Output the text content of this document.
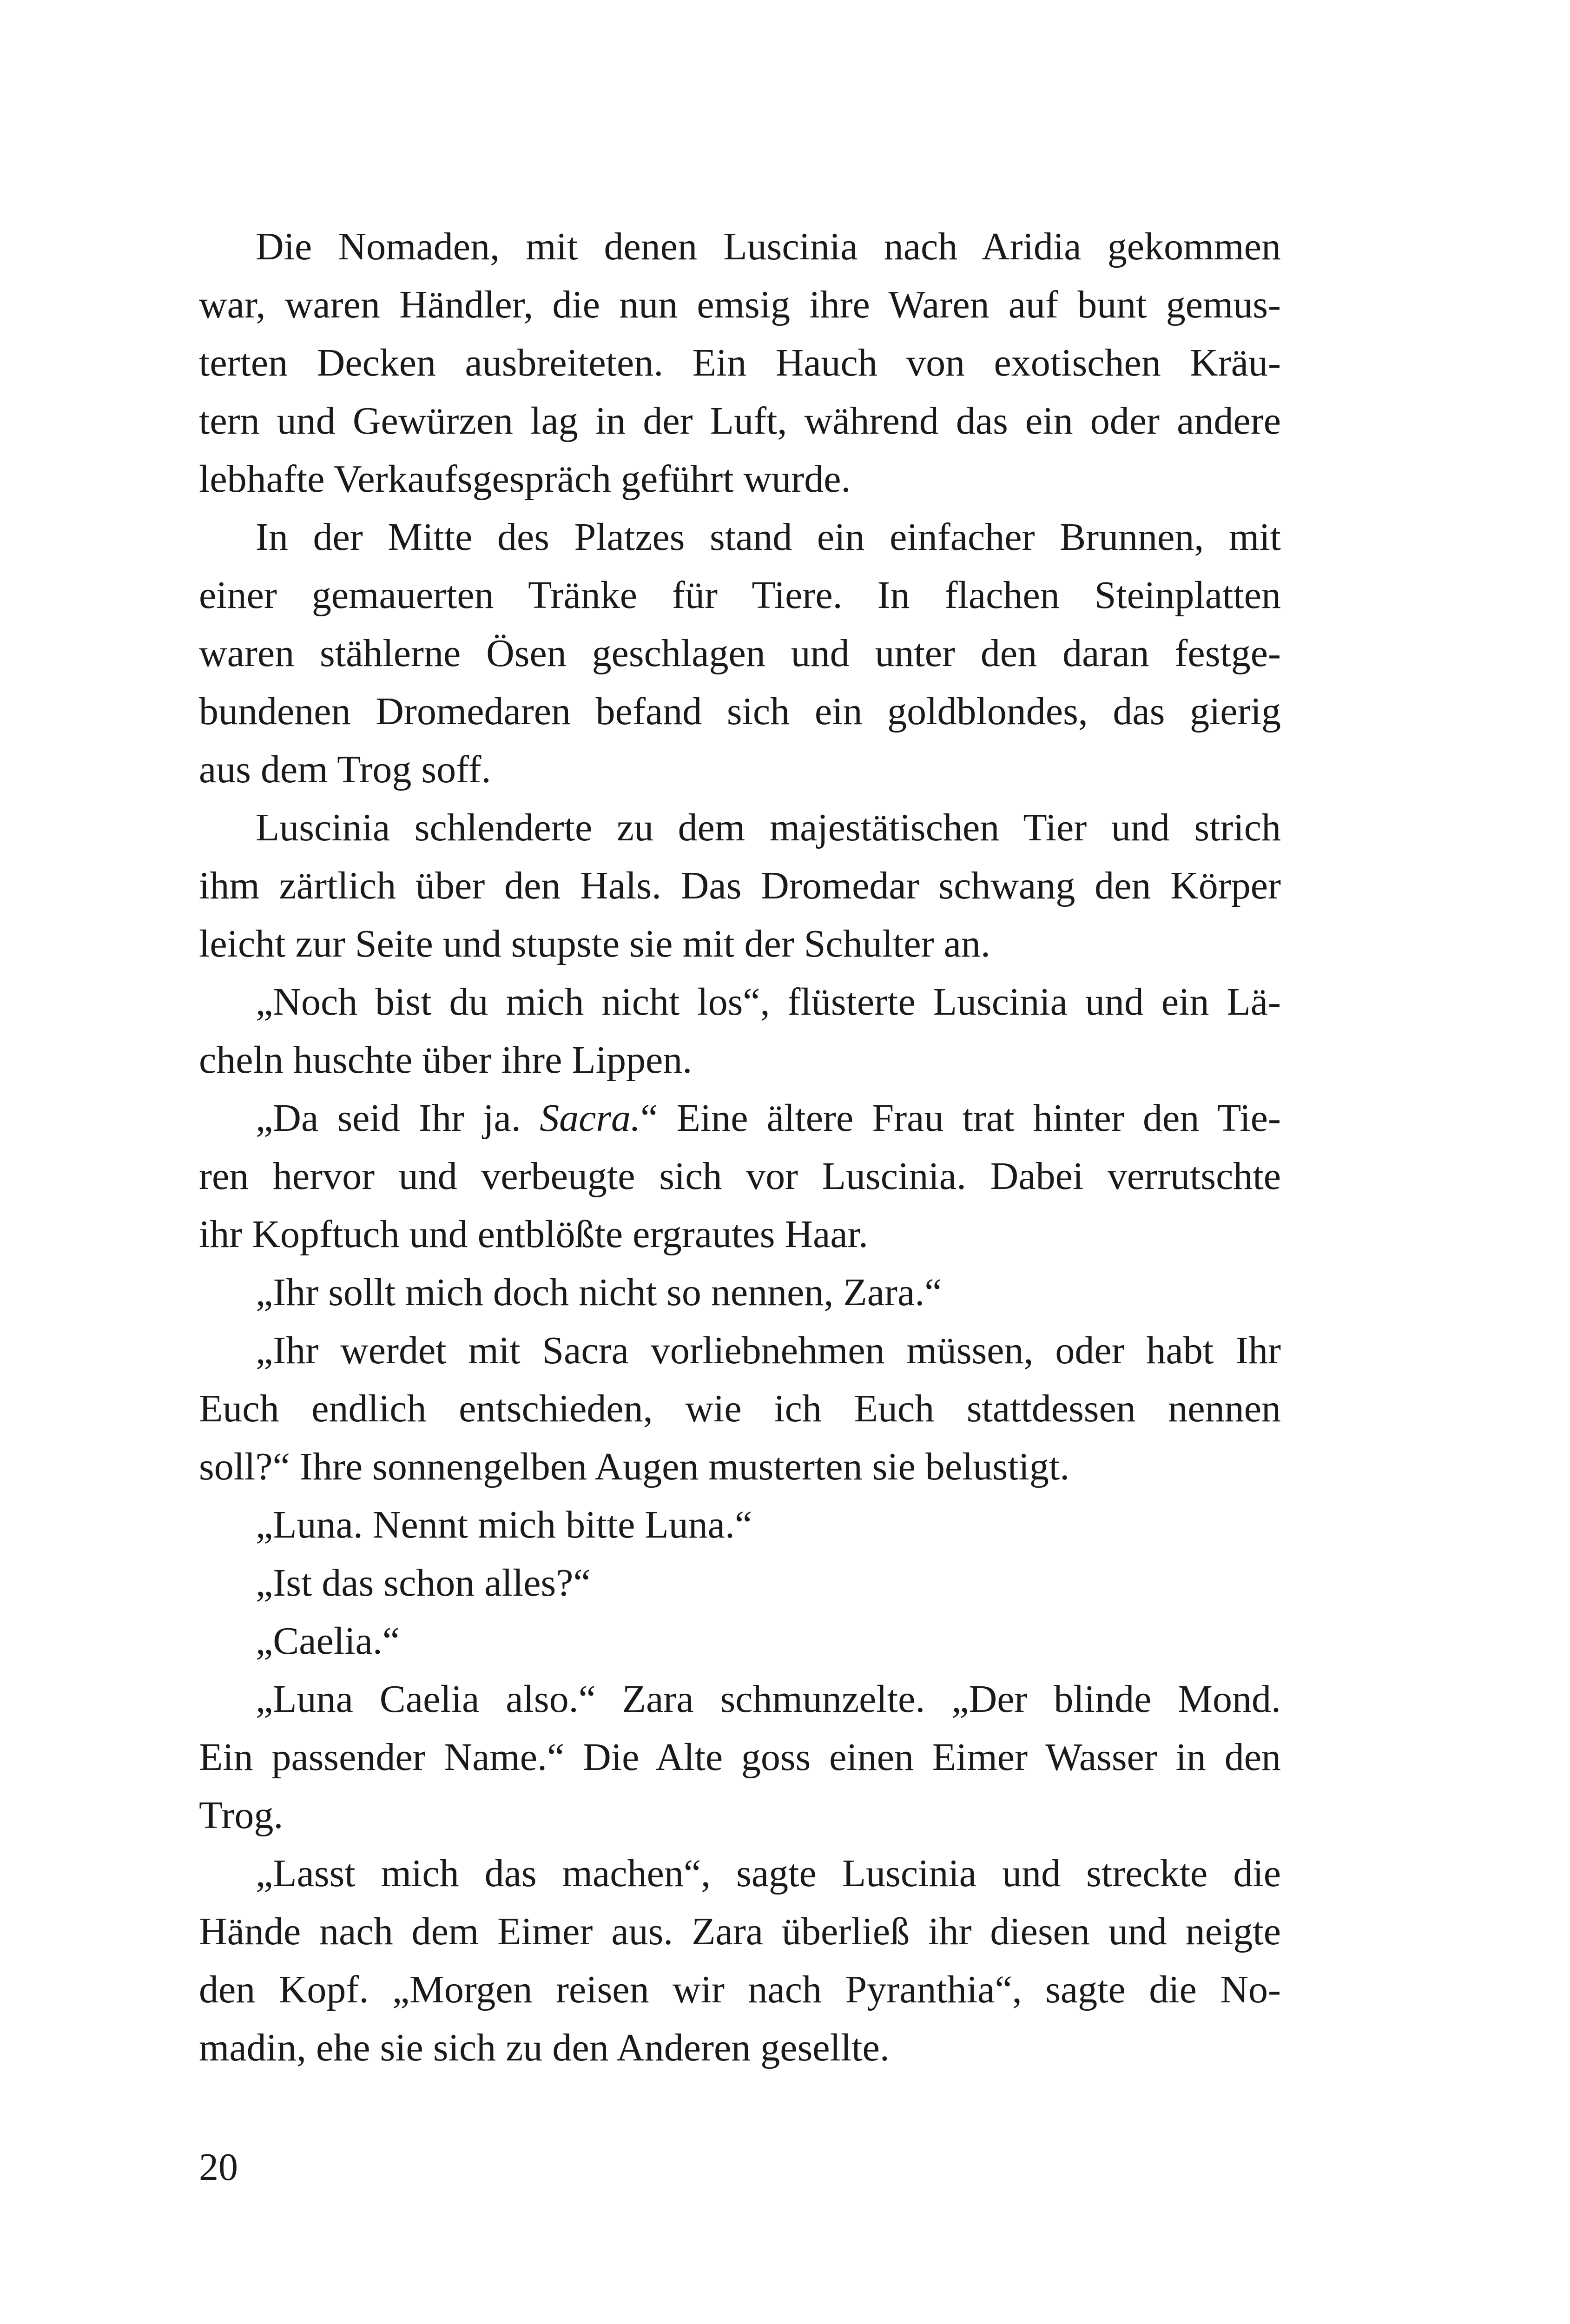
Die Nomaden, mit denen Luscinia nach Aridia gekommen
war, waren Händler, die nun emsig ihre Waren auf bunt gemus-
terten Decken ausbreiteten. Ein Hauch von exotischen Kräu-
tern und Gewürzen lag in der Luft, während das ein oder andere
lebhafte Verkaufsgespräch geführt wurde.
In der Mitte des Platzes stand ein einfacher Brunnen, mit
einer gemauerten Tränke für Tiere. In flachen Steinplatten
waren stählerne Ösen geschlagen und unter den daran festge-
bundenen Dromedaren befand sich ein goldblondes, das gierig
aus dem Trog soff.
Luscinia schlenderte zu dem majestätischen Tier und strich
ihm zärtlich über den Hals. Das Dromedar schwang den Körper
leicht zur Seite und stupste sie mit der Schulter an.
„Noch bist du mich nicht los“, flüsterte Luscinia und ein Lä-
cheln huschte über ihre Lippen.
„Da seid Ihr ja. Sacra.“ Eine ältere Frau trat hinter den Tie-
ren hervor und verbeugte sich vor Luscinia. Dabei verrutschte
ihr Kopftuch und entblößte ergrautes Haar.
„Ihr sollt mich doch nicht so nennen, Zara.“
„Ihr werdet mit Sacra vorliebnehmen müssen, oder habt Ihr
Euch endlich entschieden, wie ich Euch stattdessen nennen
soll?“ Ihre sonnengelben Augen musterten sie belustigt.
„Luna. Nennt mich bitte Luna.“
„Ist das schon alles?“
„Caelia.“
„Luna Caelia also.“ Zara schmunzelte. „Der blinde Mond.
Ein passender Name.“ Die Alte goss einen Eimer Wasser in den
Trog.
„Lasst mich das machen“, sagte Luscinia und streckte die
Hände nach dem Eimer aus. Zara überließ ihr diesen und neigte
den Kopf. „Morgen reisen wir nach Pyranthia“, sagte die No-
madin, ehe sie sich zu den Anderen gesellte.
20
